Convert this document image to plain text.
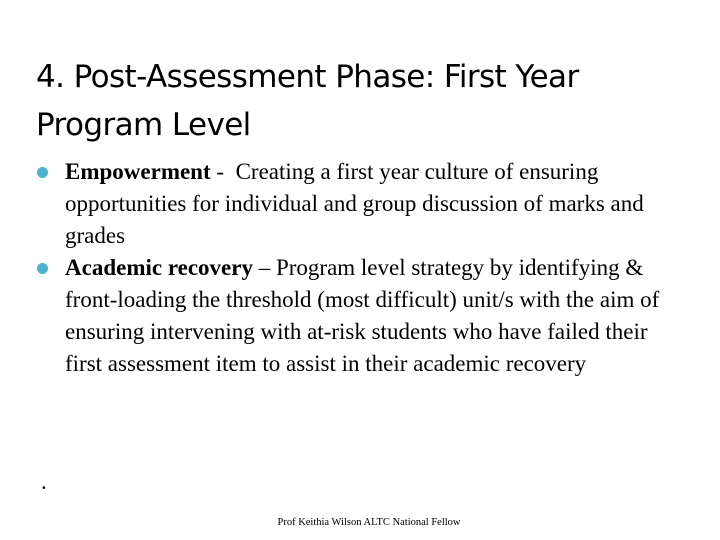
4. Post-Assessment Phase: First Year Program Level
Empowerment -  Creating a first year culture of ensuring opportunities for individual and group discussion of marks and grades
Academic recovery – Program level strategy by identifying & front-loading the threshold (most difficult) unit/s with the aim of ensuring intervening with at-risk students who have failed their first assessment item to assist in their academic recovery

.

Prof Keithia Wilson ALTC National Fellow
